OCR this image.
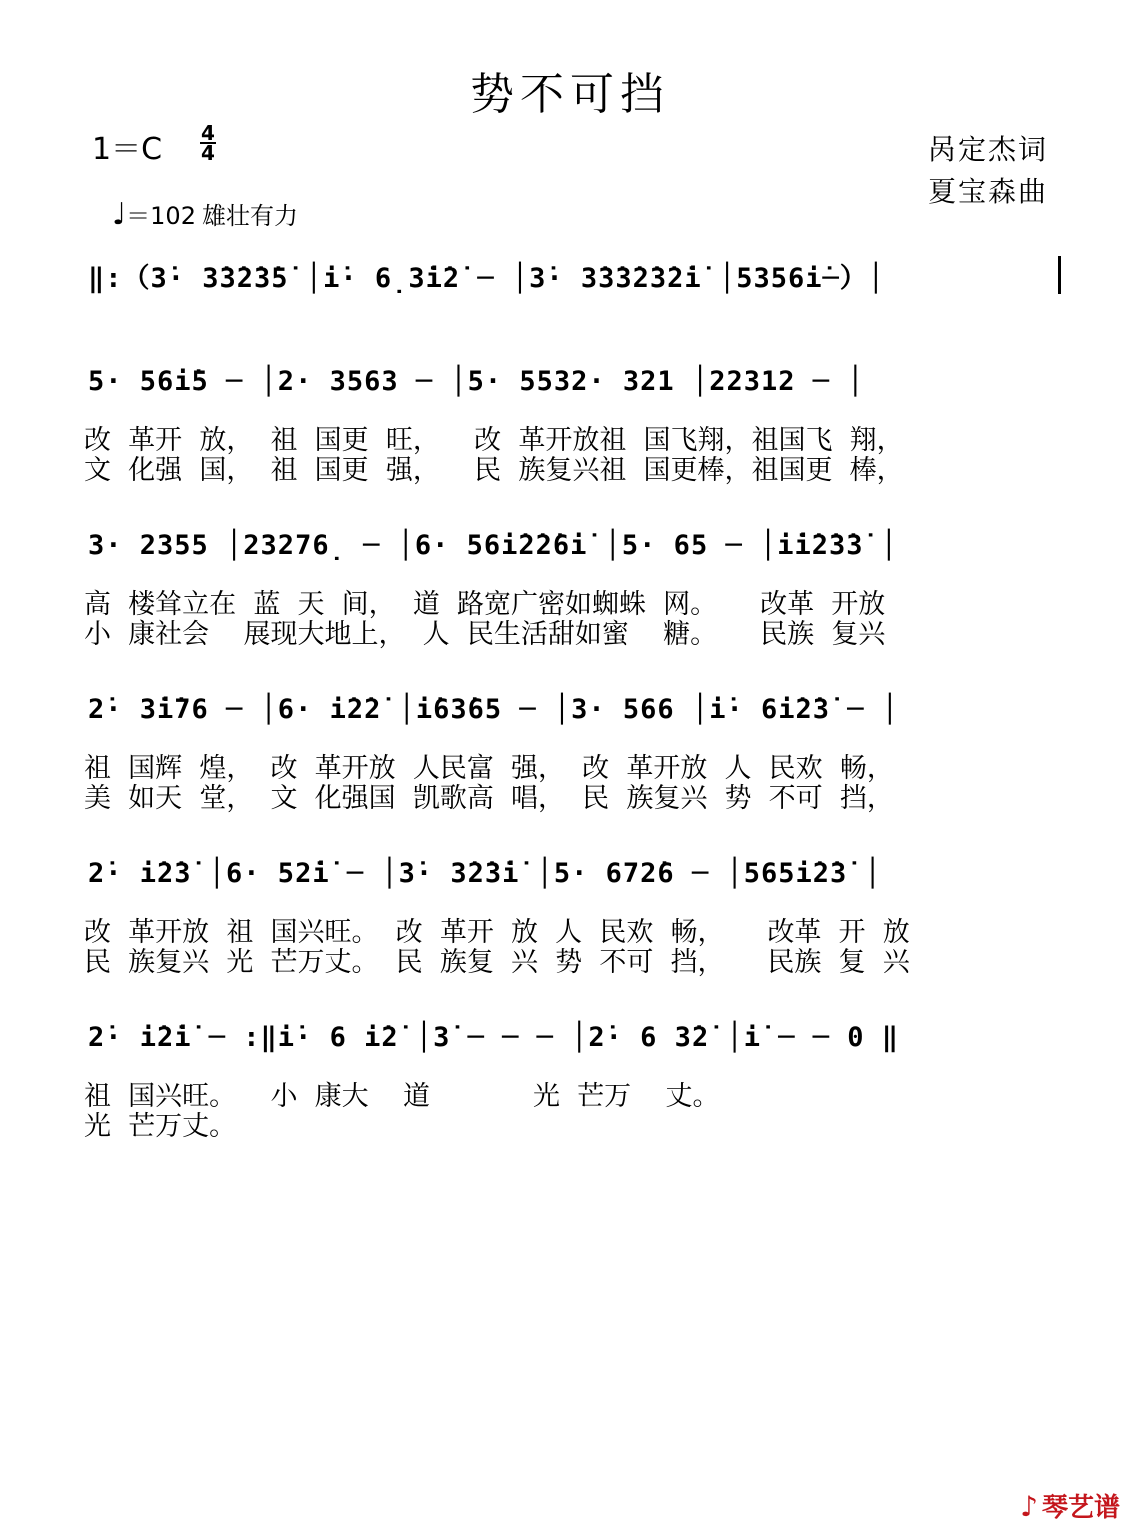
势不可挡
1＝C 4
4	呙定杰词
夏宝森曲
♩＝102 雄壮有力
‖:（3̇· 3̇3̇2̇3̇5̇ │i̇· 6̣3̇i̇2̇ ─ │3̇· 3̇3̇3̇2̇3̇2̇i̇ │5356i̇─）│
5· 56i̇5 ─ │2· 3563 ─ │5· 5532· 321 │22312 ─ │
改  革开  放，  祖  国更  旺，    改  革开放祖  国飞翔，祖国飞  翔，
文  化强  国，  祖  国更  强，    民  族复兴祖  国更棒，祖国更  棒，
3· 2355 │23276̣ ─ │6· 56i̇2̇2̇6i̇ │5· 65 ─ │i̇i̇2̇3̇3̇ │
高  楼耸立在  蓝  天  间，  道  路宽广密如蜘蛛  网。     改革  开放
小  康社会    展现大地上，  人  民生活甜如蜜    糖。     民族  复兴
2̇· 3̇i̇76 ─ │6· i̇2̇2̇ │i̇63̇65 ─ │3· 566 │i̇· 6i̇2̇3̇ ─ │
祖  国辉  煌，  改  革开放  人民富  强，  改  革开放  人  民欢  畅，
美  如天  堂，  文  化强国  凯歌高  唱，  民  族复兴  势  不可  挡，
2̇· i̇2̇3̇ │6· 52̇i̇ ─ │3̇· 3̇2̇3̇i̇ │5· 672̇6 ─ │565i̇2̇3̇ │
改  革开放  祖  国兴旺。  改  革开  放  人  民欢  畅，     改革  开  放
民  族复兴  光  芒万丈。  民  族复  兴  势  不可  挡，     民族  复  兴
2̇· i̇2̇i̇ ─ :‖i̇· 6 i̇2̇ │3̇ ─ ─ ─ │2̇· 6 3̇2̇ │i̇ ─ ─ 0 ‖
祖  国兴旺。    小  康大    道            光  芒万    丈。
光  芒万丈。
♪ 琴艺谱
